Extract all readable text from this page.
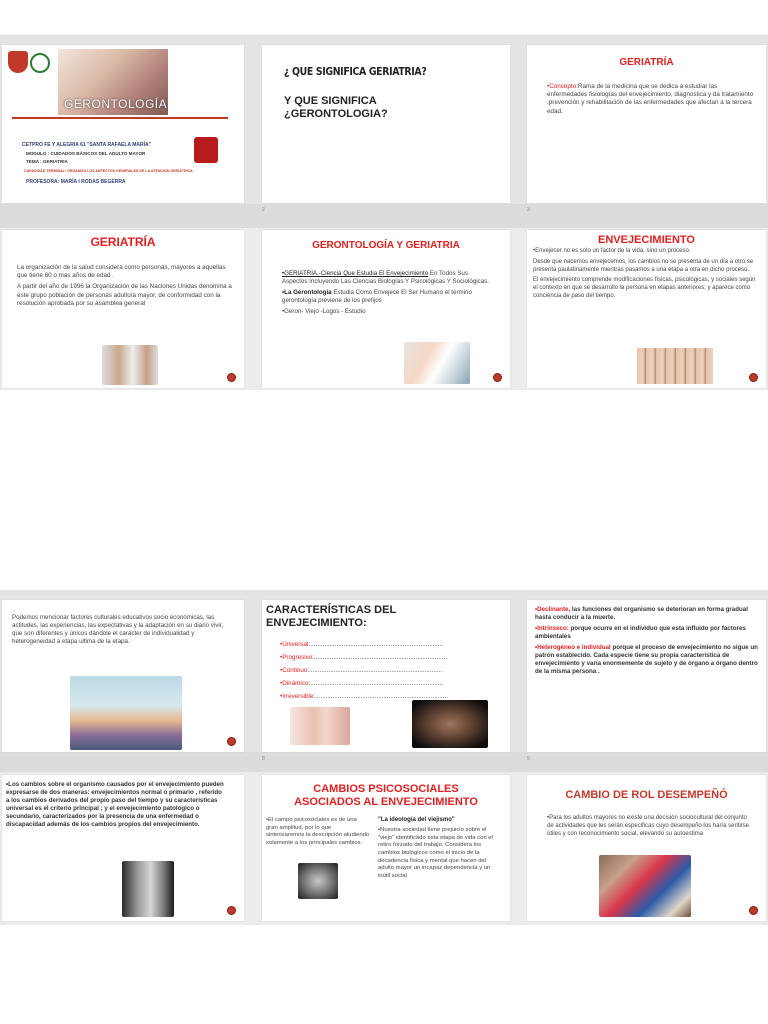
2	3
8	9
GERONTOLOGÍA
CETPRO FE Y ALEGRIA 61 "SANTA RAFAELA MARÍA"
MODULO : CUIDADOS BÁSICOS DEL ADULTO MAYOR
TEMA : GERIATRIA
CAPACIDAD TERMINAL: ORGANIZA LOS ASPECTOS GENERALES DE LA ATENCIÓN GERIÁTRICA.
PROFESORA: MARÍA I RODAS BEGERRA
¿ QUE SIGNIFICA GERIATRIA?
Y QUE SIGNIFICA
¿GERONTOLOGIA?
GERIATRÍA
•Concepto:Rama de la medicina que se dedica a estudiar las enfermedades fisiologías del envejecimiento, diagnostica y da tratamiento ,prevención y rehabilitación de las enfermedades que afectan a la tercera edad.
GERIATRÍA

La organización de la salud considera como personas, mayores a aquellas que tiene 60 o mas años de edad .

A partir del año de 1996 la Organización de las Naciones Unidas denomina a este grupo población de personas adulto/a mayor, de conformidad con la resolución aprobada por su asamblea general

GERONTOLOGÍA Y GERIATRIA

•GERIATRIA.-Ciencia Que Estudia El Envejecimiento En Todos Sus Aspectos Incluyendo Las Ciencias Biologías Y Psicológicas Y Sociológicas.

•La Gerontología Estudia Como Envejece El Ser Humano el termino gerontología previene de los prefijos

•Geron- Viejo -Logos - Estudio

ENVEJECIMIENTO

•Envejecer no es solo un factor de la vida, sino un proceso.

Desde que nacemos envejecemos, los cambios no se presenta de un día a otro se presenta paulatinamente mientras pasamos a una etapa a otra en dicho proceso.

El envejecimiento comprende modificaciones físicas, psicológicas, y sociales según el contexto en que se desarrollo la persona en etapas anteriores; y aparece como conciencia de paso del tiempo.

Podemos mencionar factores culturales educativos socio económicas, las actitudes, las experiencias, las expectativas y la adaptación en su diario vivir, que son diferentes y únicos dándole el carácter de individualidad y heterogeneidad a etapa ultima de la etapa.
CARACTERÍSTICAS DEL ENVEJECIMIENTO:
•Universal:............................................................................
•Progresivo:............................................................................
•Continuo:............................................................................
•Dinámico:............................................................................
•Irreversible:............................................................................

•Declinante, las funciones del organismo se deterioran en forma gradual hasta conducir a la muerte.

•Intrínseco: porque ocurre en el individuo que esta influido por factores ambientales

•Heterogéneo e individual porque el proceso de envejecimiento no sigue un patrón establecido. Cada especie tiene su propia característica de envejecimiento y varía enormemente de sujeto y de órgano a órgano dentro de la misma persona .

•Los cambios sobre el organismo causados por el envejecimiento pueden expresarse de dos maneras: envejecimientos normal o primario , referido a los cambios derivados del propio paso del tiempo y su características universal es el criterio principal ; y el envejecimiento patológico o secundario, caracterizados por la presencia de una enfermedad o discapacidad además de los cambios propios del envejecimiento.
CAMBIOS PSICOSOCIALES
ASOCIADOS AL ENVEJECIMIENTO
•El campo psicosociales es de una gran amplitud, por lo que sinterizaremos la descripción aludiendo solamente a los principales cambios.
"La ideología del viejismo"
•Nuestra sociedad tiene prejuicio sobre el "viejo" identificado esta etapa de vida con el retiro forzado del trabajo. Considera los cambios biológicos como el inicio de la decadencia física y mental que hacen del adulto mayor un incapaz dependencia y un inútil social
CAMBIO DE ROL DESEMPEÑÓ
•Para los adultos mayores no existe una decisión sociocultural del conjunto de actividades que les serán especificas cuyo desempeño los haría sentirse útiles y con reconocimiento social, elevando su autoestima
